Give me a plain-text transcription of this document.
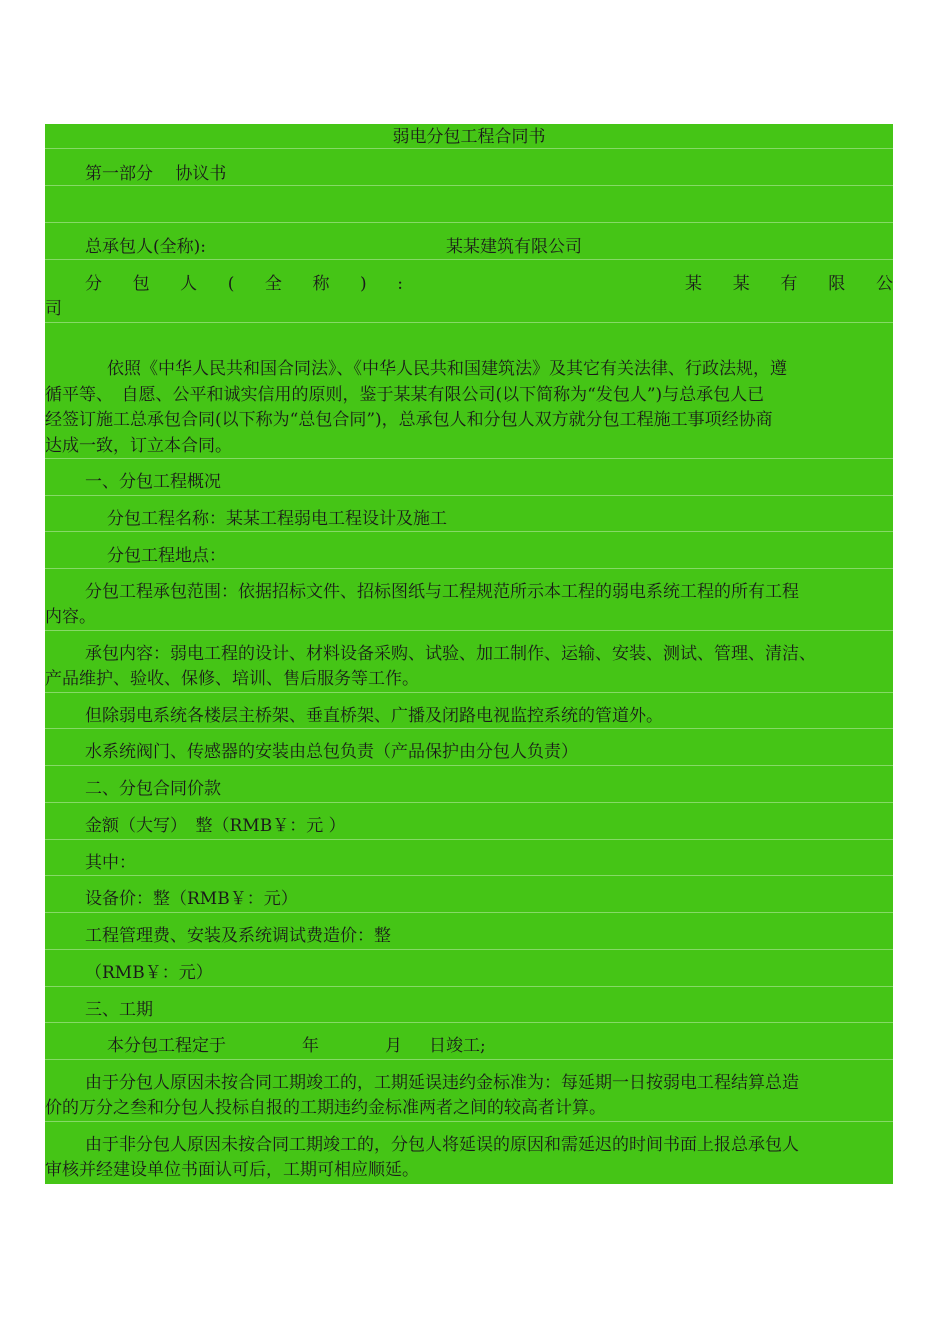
弱电分包工程合同书
第一部分　 协议书
总承包人(全称):	某某建筑有限公司
分 包 人 ( 全 称 ) :	某 某 有 限 公
司
依照《中华人民共和国合同法》、《中华人民共和国建筑法》及其它有关法律、行政法规，遵
循平等、　自愿、公平和诚实信用的原则，鉴于某某有限公司(以下简称为“发包人”)与总承包人已
经签订施工总承包合同(以下称为“总包合同”)，总承包人和分包人双方就分包工程施工事项经协商
达成一致，订立本合同。
一、分包工程概况
分包工程名称：某某工程弱电工程设计及施工
分包工程地点：
分包工程承包范围：依据招标文件、招标图纸与工程规范所示本工程的弱电系统工程的所有工程
内容。
承包内容：弱电工程的设计、材料设备采购、试验、加工制作、运输、安装、测试、管理、清洁、
产品维护、验收、保修、培训、售后服务等工作。
但除弱电系统各楼层主桥架、垂直桥架、广播及闭路电视监控系统的管道外。
水系统阀门、传感器的安装由总包负责（产品保护由分包人负责）
二、分包合同价款
金额（大写）　整（RMB￥：元 ）
其中：
设备价：整（RMB￥：元）
工程管理费、安装及系统调试费造价：整
（RMB￥：元）
三、工期
本分包工程定于	年	月 日竣工;
由于分包人原因未按合同工期竣工的，工期延误违约金标准为：每延期一日按弱电工程结算总造
价的万分之叁和分包人投标自报的工期违约金标准两者之间的较高者计算。
由于非分包人原因未按合同工期竣工的，分包人将延误的原因和需延迟的时间书面上报总承包人
审核并经建设单位书面认可后，工期可相应顺延。
